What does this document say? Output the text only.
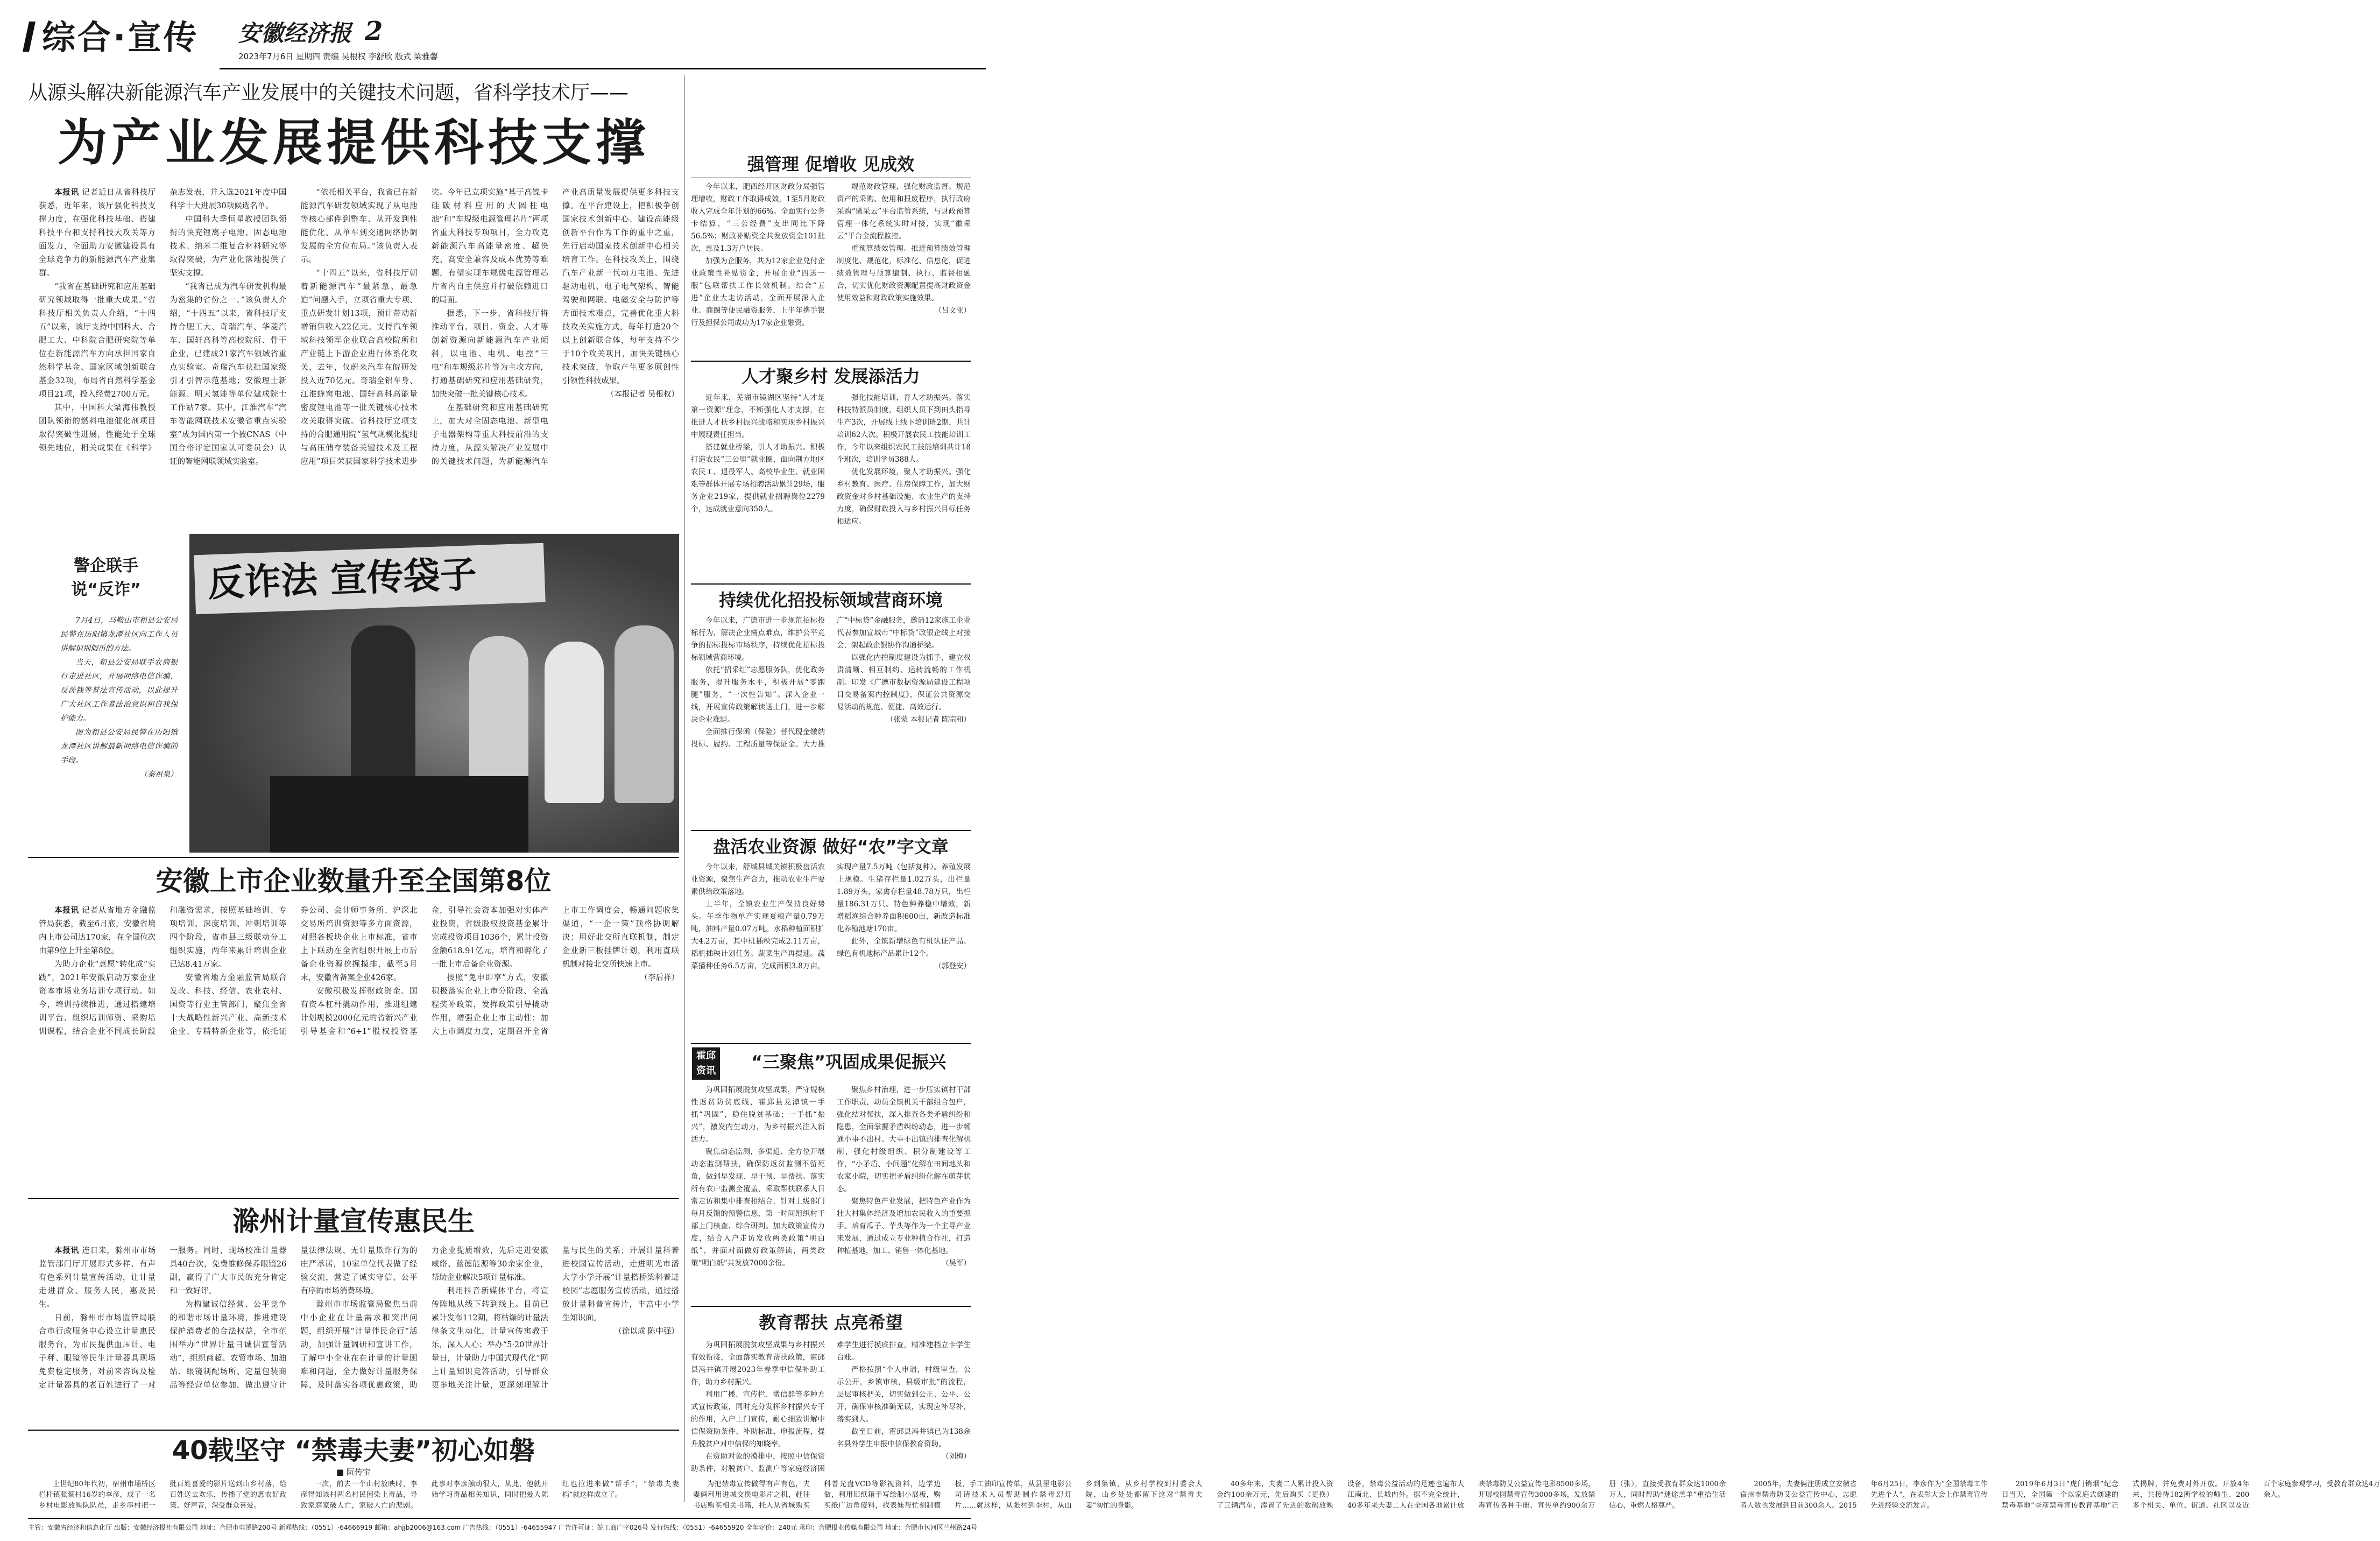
综合·宣传	安徽经济报 2
2023年7月6日 星期四 责编 吴根权 李舒欣 版式 梁雅馨
从源头解决新能源汽车产业发展中的关键技术问题，省科学技术厅——
为产业发展提供科技支撑

本报讯 记者近日从省科技厅获悉，近年来，该厅强化科技支撑力度，在强化科技基础、搭建科技平台和支持科技大攻关等方面发力，全面助力安徽建设具有全球竞争力的新能源汽车产业集群。

“我省在基础研究和应用基础研究领域取得一批重大成果。”省科技厅相关负责人介绍，“十四五”以来，该厅支持中国科大、合肥工大、中科院合肥研究院等单位在新能源汽车方向承担国家自然科学基金、国家区域创新联合基金32项，布局省自然科学基金项目21项，投入经费2700万元。

其中，中国科大梁海伟教授团队领衔的燃料电池催化剂项目取得突破性进展，性能处于全球领先地位，相关成果在《科学》杂志发表，并入选2021年度中国科学十大进展30项候选名单。

中国科大季恒星教授团队领衔的快充锂离子电池、固态电池技术、纳米二维复合材料研究等取得突破，为产业化落地提供了坚实支撑。

“我省已成为汽车研发机构最为密集的省份之一。”该负责人介绍，“十四五”以来，省科技厅支持合肥工大、奇瑞汽车、华菱汽车、国轩高科等高校院所、骨干企业，已建成21家汽车领域省重点实验室。奇瑞汽车获批国家级引才引智示范基地；安徽理士新能源、明天氢能等单位建成院士工作站7家。其中，江淮汽车“汽车智能网联技术安徽省重点实验室”成为国内第一个被CNAS（中国合格评定国家认可委员会）认证的智能网联领域实验室。

“依托相关平台，我省已在新能源汽车研发领域实现了从电池等核心部件到整车、从开发到性能优化、从单车到交通网络协调发展的全方位布局。”该负责人表示。

“十四五”以来，省科技厅朝着新能源汽车“最紧急、最急迫”问题入手，立项省重大专项、重点研发计划13项，预计带动新增销售收入22亿元。支持汽车领域科技领军企业联合高校院所和产业链上下游企业进行体系化攻关，去年，仅蔚来汽车在皖研发投入近70亿元。奇瑞全铝车身、江淮蜂窝电池、国轩高科高能量密度锂电池等一批关键核心技术攻关取得突破。省科技厅立项支持的合肥通用院“氢气规模化提纯与高压储存装备关键技术及工程应用”项目荣获国家科学技术进步奖。今年已立项实施“基于高镍卡硅碳材料应用的大圆柱电池”和“车规级电源管理芯片”两项省重大科技专项项目，全力攻克新能源汽车高能量密度、超快充、高安全兼容及成本优势等难题，有望实现车规级电源管理芯片省内自主供应并打破依赖进口的局面。

据悉，下一步，省科技厅将推动平台、项目、资金、人才等创新资源向新能源汽车产业倾斜，以电池、电机、电控“三电”和车规级芯片等为主攻方向，打通基础研究和应用基础研究，加快突破一批关键核心技术。

在基础研究和应用基础研究上，加大对全固态电池、新型电子电器架构等重大科技前沿的支持力度，从源头解决产业发展中的关键技术问题，为新能源汽车产业高质量发展提供更多科技支撑。在平台建设上，把积极争创国家技术创新中心、建设高能级创新平台作为工作的重中之重，先行启动国家技术创新中心相关培育工作。在科技攻关上，围绕汽车产业新一代动力电池、先进驱动电机、电子电气架构、智能驾驶和网联、电磁安全与防护等方面技术难点，完善优化重大科技攻关实施方式，每年打造20个以上创新联合体，每年支持不少于10个攻关项目，加快关键核心技术突破，争取产生更多原创性引领性科技成果。

（本报记者 吴根权）

警企联手
说“反诈”

7月4日，马鞍山市和县公安局民警在历阳镇龙潭社区向工作人员讲解识别假币的方法。

当天，和县公安局联手农商银行走进社区，开展网络电信诈骗、反洗钱等普法宣传活动，以此提升广大社区工作者法治意识和自我保护能力。

图为和县公安局民警在历阳镇龙潭社区讲解最新网络电信诈骗的手段。

（秦祖泉）

反诈法 宣传袋子
安徽上市企业数量升至全国第8位

本报讯 记者从省地方金融监管局获悉，截至6月底，安徽省境内上市公司达170家，在全国位次由第9位上升至第8位。

为助力企业“意愿”转化成“实践”，2021年安徽启动万家企业资本市场业务培训专项行动。如今，培训持续推进，通过搭建培训平台、组织培训师资、采购培训课程，结合企业不同成长阶段和融资需求，按照基础培训、专项培训、深度培训、冲刺培训等四个阶段，省市县三级联动分工组织实施，两年来累计培训企业已达8.41万家。

安徽省地方金融监管局联合发改、科技、经信、农业农村、国资等行业主管部门，聚焦全省十大战略性新兴产业、高新技术企业、专精特新企业等，依托证券公司、会计师事务所、沪深北交易所培训资源等多方面资源，对照各板块企业上市标准，省市上下联动在全省组织开展上市后备企业资源挖掘摸排，截至5月末，安徽省备案企业426家。

安徽积极发挥财政资金、国有资本杠杆撬动作用，推进组建计划规模2000亿元的省新兴产业引导基金和“6+1”股权投资基金，引导社会资本加强对实体产业投资，省级股权投资基金累计完成投资项目1036个，累计投资金额618.91亿元，培育和孵化了一批上市后备企业资源。

按照“免申即享”方式，安徽积极落实企业上市分阶段、全流程奖补政策，发挥政策引导撬动作用，增强企业上市主动性；加大上市调度力度，定期召开全省上市工作调度会，畅通问题收集渠道，“一企一策”顶格协调解决；用好北交所直联机制，制定企业新三板挂牌计划，利用直联机制对接北交所快速上市。

（李后祥）

滁州计量宣传惠民生

本报讯 连日来，滁州市市场监管部门厅开展形式多样、有声有色系列计量宣传活动，让计量走进群众、服务人民，惠及民生。

日前，滁州市市场监管局联合市行政服务中心设立计量惠民服务台，为市民提供血压计、电子秤、眼镜等民生计量器具现场免费检定服务，对前来咨询及检定计量器具的老百姓进行了一对一服务。同时，现场校准计量器具40台次，免费维修保养眼镜26副，赢得了广大市民的充分肯定和一致好评。

为构建诚信经营、公平竞争的和谐市场计量环境，推进建设保护消费者的合法权益，全市范围举办“世界计量日诚信宣誓活动”，组织商超、农贸市场、加油站、眼镜制配场所、定量包装商品等经营单位参加，做出遵守计量法律法规、无计量欺诈行为的庄严承诺，10家单位代表做了经验交流，营造了诚实守信、公平有序的市场消费环境。

滁州市市场监管局聚焦当前中小企业在计量需求和突出问题，组织开展“计量伴民企行”活动，加强计量调研和宣讲工作，了解中小企业在在计量的计量困难和问题，全力做好计量服务保障，及时落实各项优惠政策，助力企业提质增效，先后走进安徽威络、蓝德能源等30余家企业，帮助企业解决5项计量标准。

利用抖音新媒体平台，将宣传阵地从线下转到线上。目前已累计发布112期，将枯燥的计量法律条文生动化，计量宣传寓教于乐，深入人心；举办“5·20世界计量日，计量助力中国式现代化”网上计量知识竞答活动，引导群众更多地关注计量，更深刻理解计量与民生的关系；开展计量科普进校园宣传活动，走进明光市潘大学小学开展“计量搭桥梁科普进校园”志愿服务宣传活动，通过播放计量科普宣传片，丰富中小学生知识面。

（徐以成 陈中强）

40载坚守 “禁毒夫妻”初心如磐
■ 阮传宝

上世纪80年代初，宿州市埇桥区栏杆镇张蔡村16岁的李彦，成了一名乡村电影放映队队员，走乡串村把一批百姓喜爱的影片送到山乡村落，给百姓送去欢乐，传播了党的惠农好政策、好声音，深受群众喜爱。

一次，前去一个山村放映时，李彦得知该村两名村民因染上毒品，导致家庭家破人亡，家破人亡的悲剧。此事对李彦触动很大，从此，他就开始学习毒品相关知识，同时把爱人陈红也拉进来做“帮手”，“禁毒夫妻档”就这样成立了。

为把禁毒宣传做得有声有色，夫妻俩利用进城交换电影片之机，赶往书店购买相关书籍，托人从省城购买科普光盘VCD等影视资料，边学边做，利用旧纸箱手写绘制小展板，购买纸广边角废料，找表妹帮忙刻制模板，手工油印宣传单，从县里电影公司请技术人员帮助制作禁毒幻灯片……就这样，从张村到李村，从山乡到集镇，从乡村学校到村委会大院，山乡处处都留下这对“禁毒夫妻”匆忙的身影。

40多年来，夫妻二人累计投入资金约100余万元，先后购买（更换）了三辆汽车，添置了先进的数码放映设备，禁毒公益活动的足迹也遍布大江南北、长城内外。据不完全统计，40多年来夫妻二人在全国各地累计放映禁毒防艾公益宣传电影8500多场，开展校园禁毒宣传3000多场，发放禁毒宣传各种手册、宣传单约900余万册（张），直接受教育群众达1000余万人，同时帮助“迷途羔羊”重拾生活信心，重燃人格尊严。

2005年，夫妻俩注册成立安徽省宿州市禁毒防艾公益宣传中心，志愿者人数也发展到目前300余人。2015年6月25日，李彦作为“全国禁毒工作先进个人”，在表彰大会上作禁毒宣传先进经验交流发言。

2019年6月3日“虎门销烟”纪念日当天，全国第一个以家庭式创建的禁毒基地“李彦禁毒宣传教育基地”正式揭牌，并免费对外开放。开放4年来，共接待182所学校的师生、200多个机关、单位、街道、社区以及近百个家庭参观学习，受教育群众达4万余人。

强管理 促增收 见成效

今年以来，肥西经开区财政分局强管理增收，财政工作取得成效，1至5月财政收入完成全年计划的66%。全面实行公务卡结算，“三公经费”支出同比下降56.5%；财政补贴资金共发放资金101批次，惠及1.3万户居民。

加强为企服务，共为12家企业兑付企业政策性补贴资金，开展企业“四送一服”包联帮扶工作长效机制。结合“五进”企业大走访活动，全面开展深入企业、商圈等便民融资服务，上半年携手银行及担保公司成功为17家企业融资。

规范财政管理，强化财政监督。规范资产的采购、使用和报废程序，执行政府采购“徽采云”平台监管系统，与财政预算管理一体化系统实时对接，实现“徽采云”平台全流程监控。

重预算绩效管理。推进预算绩效管理制度化、规范化，标准化、信息化，促进绩效管理与预算编制、执行、监督相融合，切实优化财政资源配置提高财政资金使用效益和财政政策实施效果。

（吕文亚）

人才聚乡村 发展添活力

近年来，芜湖市镜湖区坚持“人才是第一资源”理念，不断强化人才支撑，在推进人才扶乡村振兴战略和实现乡村振兴中展现责任担当。

搭建就业桥梁，引人才助振兴。积极打造农民“三公里”就业圈，面向荆方地区农民工、退役军人、高校毕业生、就业困难等群体开展专场招聘活动累计29场，服务企业219家，提供就业招聘岗位2279个，达成就业意向350人。

强化技能培训，育人才助振兴。落实科技特派员制度，组织人员下到田头指导生产3次，开展线上线下培训班2期，共计培训62人次。积极开展农民工技能培训工作，今年以来组织农民工技能培训共计18个班次，培训学员388人。

优化发展环境，聚人才助振兴。强化乡村教育、医疗、住房保障工作，加大财政资金对乡村基础设施、农业生产的支持力度，确保财政投入与乡村振兴目标任务相适应。

持续优化招投标领域营商环境

今年以来，广德市进一步规范招标投标行为，解决企业痛点难点，维护公平竞争的招标投标市场秩序，持续优化招标投标领域营商环境。

依托“招采红”志愿服务队，优化政务服务，提升服务水平，积极开展“零跑腿”服务，“一次性告知”。深入企业一线，开展宣传政策解读送上门，进一步解决企业难题。

全面推行保函（保险）替代现金缴纳投标、履约、工程质量等保证金。大力推广“中标贷”金融服务，邀请12家施工企业代表参加宣城市“中标贷”政银企线上对接会，架起政企银协作沟通桥梁。

以强化内控制度建设为抓手，建立权责清晰、相互制约、运转流畅的工作机制。印发《广德市数据资源局建设工程项目交易备案内控制度》，保证公共资源交易活动的规范、便捷、高效运行。

（张蒙 本报记者 陈宗和）

盘活农业资源 做好“农”字文章

今年以来，舒城县城关镇积极盘活农业资源，聚焦生产合力，推动农业生产要素供给政策落地。

上半年，全镇农业生产保持良好势头。午季作物单产实现夏粮产量0.79万吨，油料产量0.07万吨。水稻种植面积扩大4.2万亩，其中机插秧完成2.11万亩，稻机插秧计划任务。蔬菜生产再提速。蔬菜播种任务6.5万亩，完成面积3.8万亩，实现产量7.5万吨（包括复种）。养殖发展上规模。生猪存栏量1.02万头，出栏量1.89万头，家禽存栏量48.78万只，出栏量186.31万只。特色种养稳中增效，新增稻渔综合种养面积600亩，新改造标准化养殖池塘170亩。

此外，全镇新增绿色有机认证产品、绿色有机地标产品累计12个。

（郭登安）

霍邱资讯	“三聚焦”巩固成果促振兴

为巩固拓展脱贫攻坚成果，严守规模性返贫防贫底线，霍邱县龙潭镇一手抓“巩固”，稳住脱贫基础；一手抓“振兴”，激发内生动力，为乡村振兴注入新活力。

聚焦动态监测，多渠道、全方位开展动态监测帮扶，确保防返贫监测不留死角，做到早发现、早干预、早帮扶。落实所有农户监测全覆盖，采取帮扶联系人日常走访和集中排查相结合，针对上级部门每月反馈的预警信息，第一时间组织村干部上门核查、综合研判。加大政策宣传力度，结合入户走访发放两类政策“明白纸”，并面对面做好政策解读，两类政策“明白纸”共发放7000余份。

聚焦乡村治理，进一步压实镇村干部工作职责，动员全镇机关干部组合包户，强化结对帮扶，深入排查各类矛盾纠纷和隐患，全面掌握矛盾纠纷动态，进一步畅通小事不出村、大事不出镇的排查化解机制，强化村级组织、积分制建设等工作，“小矛盾、小问题”化解在田间地头和农家小院，切实把矛盾纠纷化解在萌芽状态。

聚焦特色产业发展，把特色产业作为壮大村集体经济及增加农民收入的重要抓手。培育瓜子、芋头等作为一个主导产业来发展，通过成立专业种植合作社，打造种植基地，加工、销售一体化基地。

（吴军）

教育帮扶 点亮希望

为巩固拓展脱贫攻坚成果与乡村振兴有效衔接，全面落实教育帮扶政策，霍邱县冯井镇开展2023年春季中信保补助工作，助力乡村振兴。

利用广播、宣传栏、微信群等多种方式宣传政策，同时充分发挥乡村振兴专干的作用，入户上门宣传，耐心细致讲解中信保资助条件、补助标准、申报流程，提升脱贫户对中信保的知晓率。

在资助对象的摸排中，按照中信保资助条件，对脱贫户、监测户等家庭经济困难学生进行摸底排查，精准建档立卡学生台账。

严格按照“个人申请，村级审查，公示公开，乡镇审核，县级审批”的流程，层层审核把关，切实做到公正、公平、公开，确保审核准确无误，实现应补尽补，落实到人。

截至目前，霍邱县冯井镇已为138余名县外学生申报中信保教育资助。

（刘梅）

主管：安徽省经济和信息化厅 出版：安徽经济报社有限公司 地址：合肥市屯溪路200号 新闻热线：（0551）-64666919 邮箱：ahjjb2006@163.com 广告热线：（0551）-64655947 广告许可证：皖工商广字026号 发行热线：（0551）-64655920 全年定价：240元 承印：合肥报业传媒有限公司 地址：合肥市包河区兰州路24号
